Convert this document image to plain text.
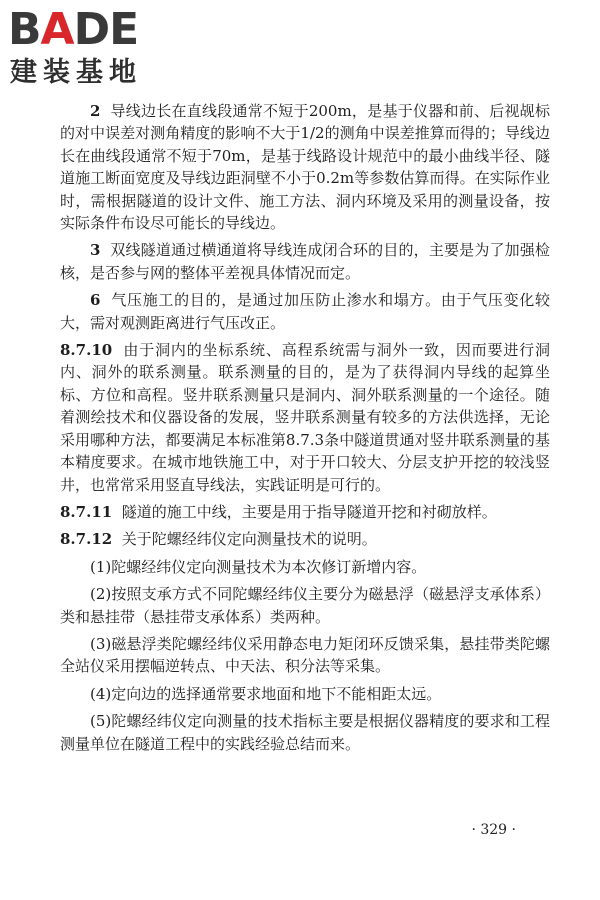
BADE
建装基地

2 导线边长在直线段通常不短于200m，是基于仪器和前、后视觇标的对中误差对测角精度的影响不大于1/2的测角中误差推算而得的；导线边长在曲线段通常不短于70m，是基于线路设计规范中的最小曲线半径、隧道施工断面宽度及导线边距洞壁不小于0.2m等参数估算而得。在实际作业时，需根据隧道的设计文件、施工方法、洞内环境及采用的测量设备，按实际条件布设尽可能长的导线边。

3 双线隧道通过横通道将导线连成闭合环的目的，主要是为了加强检核，是否参与网的整体平差视具体情况而定。

6 气压施工的目的，是通过加压防止渗水和塌方。由于气压变化较大，需对观测距离进行气压改正。

8.7.10 由于洞内的坐标系统、高程系统需与洞外一致，因而要进行洞内、洞外的联系测量。联系测量的目的，是为了获得洞内导线的起算坐标、方位和高程。竖井联系测量只是洞内、洞外联系测量的一个途径。随着测绘技术和仪器设备的发展，竖井联系测量有较多的方法供选择，无论采用哪种方法，都要满足本标准第8.7.3条中隧道贯通对竖井联系测量的基本精度要求。在城市地铁施工中，对于开口较大、分层支护开挖的较浅竖井，也常常采用竖直导线法，实践证明是可行的。

8.7.11 隧道的施工中线，主要是用于指导隧道开挖和衬砌放样。

8.7.12 关于陀螺经纬仪定向测量技术的说明。

(1)陀螺经纬仪定向测量技术为本次修订新增内容。

(2)按照支承方式不同陀螺经纬仪主要分为磁悬浮（磁悬浮支承体系）类和悬挂带（悬挂带支承体系）类两种。

(3)磁悬浮类陀螺经纬仪采用静态电力矩闭环反馈采集，悬挂带类陀螺全站仪采用摆幅逆转点、中天法、积分法等采集。

(4)定向边的选择通常要求地面和地下不能相距太远。

(5)陀螺经纬仪定向测量的技术指标主要是根据仪器精度的要求和工程测量单位在隧道工程中的实践经验总结而来。

· 329 ·
